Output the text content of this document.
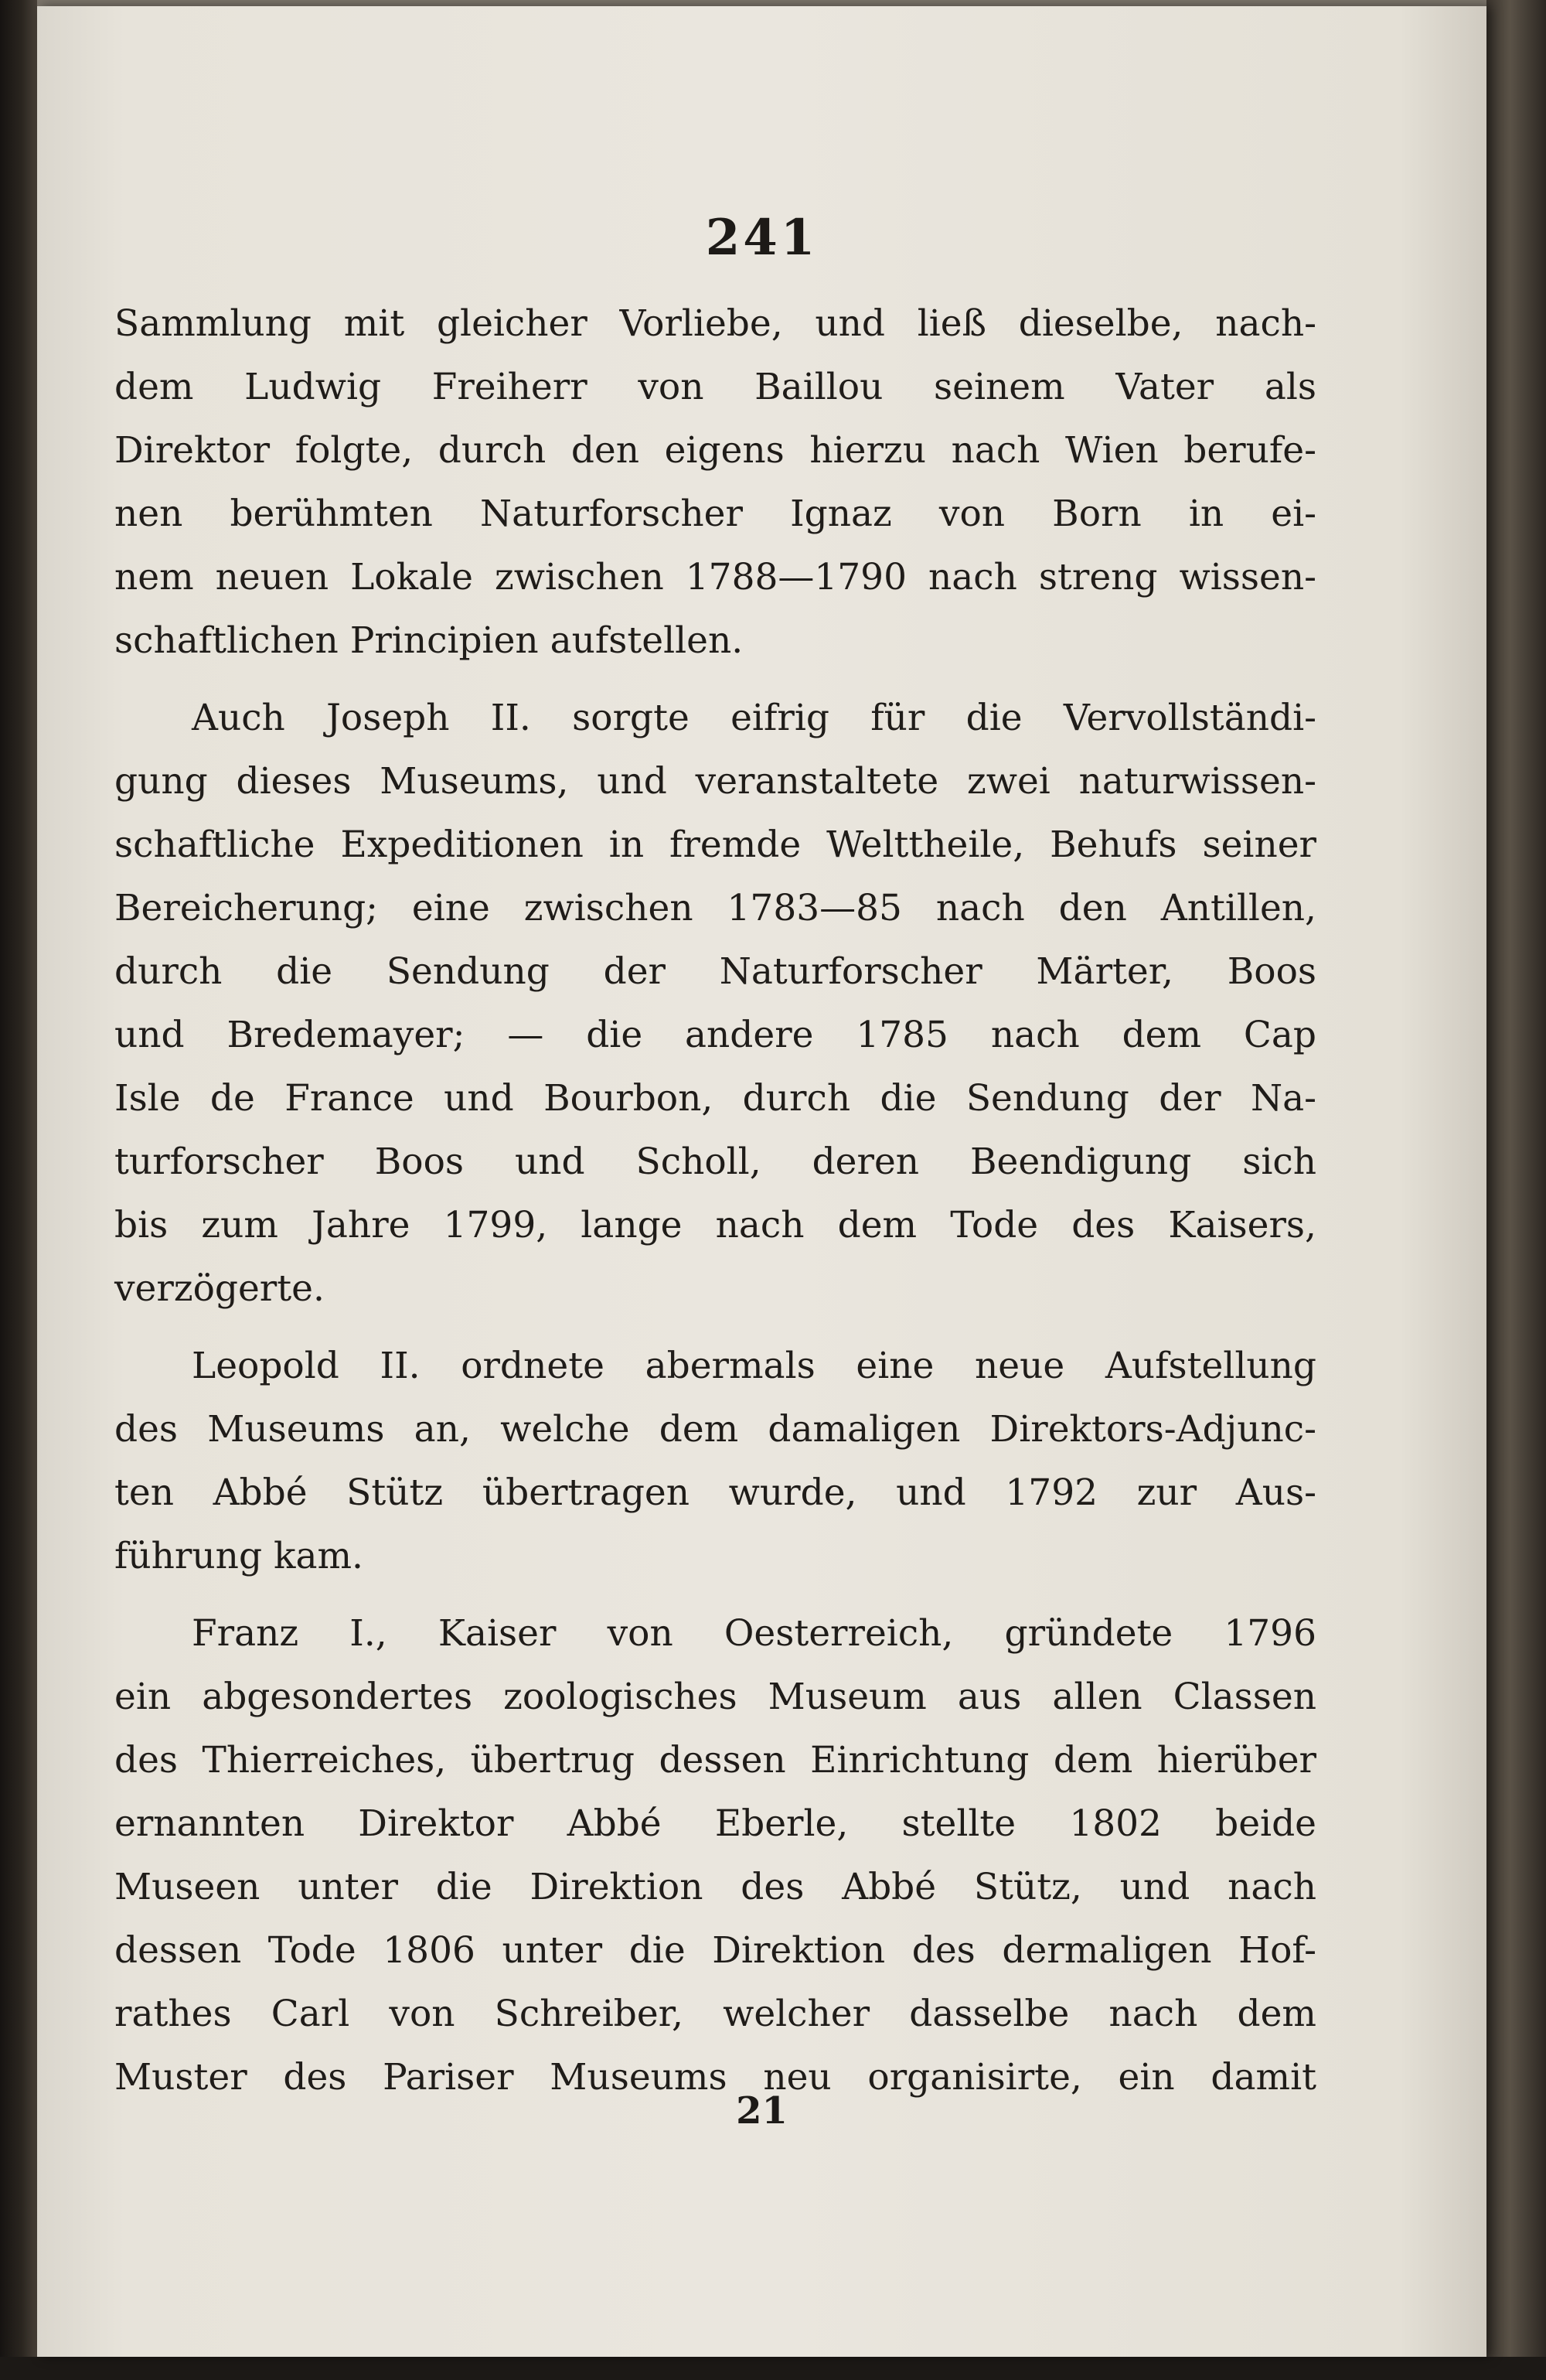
241
Sammlung mit gleicher Vorliebe, und ließ dieselbe, nach-
dem Ludwig Freiherr von Baillou seinem Vater als
Direktor folgte, durch den eigens hierzu nach Wien berufe-
nen berühmten Naturforscher Ignaz von Born in ei-
nem neuen Lokale zwischen 1788—1790 nach streng wissen-
schaftlichen Principien aufstellen.
Auch Joseph II. sorgte eifrig für die Vervollständi-
gung dieses Museums, und veranstaltete zwei naturwissen-
schaftliche Expeditionen in fremde Welttheile, Behufs seiner
Bereicherung; eine zwischen 1783—85 nach den Antillen,
durch die Sendung der Naturforscher Märter, Boos
und Bredemayer; — die andere 1785 nach dem Cap
Isle de France und Bourbon, durch die Sendung der Na-
turforscher Boos und Scholl, deren Beendigung sich
bis zum Jahre 1799, lange nach dem Tode des Kaisers,
verzögerte.
Leopold II. ordnete abermals eine neue Aufstellung
des Museums an, welche dem damaligen Direktors-Adjunc-
ten Abbé Stütz übertragen wurde, und 1792 zur Aus-
führung kam.
Franz I., Kaiser von Oesterreich, gründete 1796
ein abgesondertes zoologisches Museum aus allen Classen
des Thierreiches, übertrug dessen Einrichtung dem hierüber
ernannten Direktor Abbé Eberle, stellte 1802 beide
Museen unter die Direktion des Abbé Stütz, und nach
dessen Tode 1806 unter die Direktion des dermaligen Hof-
rathes Carl von Schreiber, welcher dasselbe nach dem
Muster des Pariser Museums neu organisirte, ein damit
21
